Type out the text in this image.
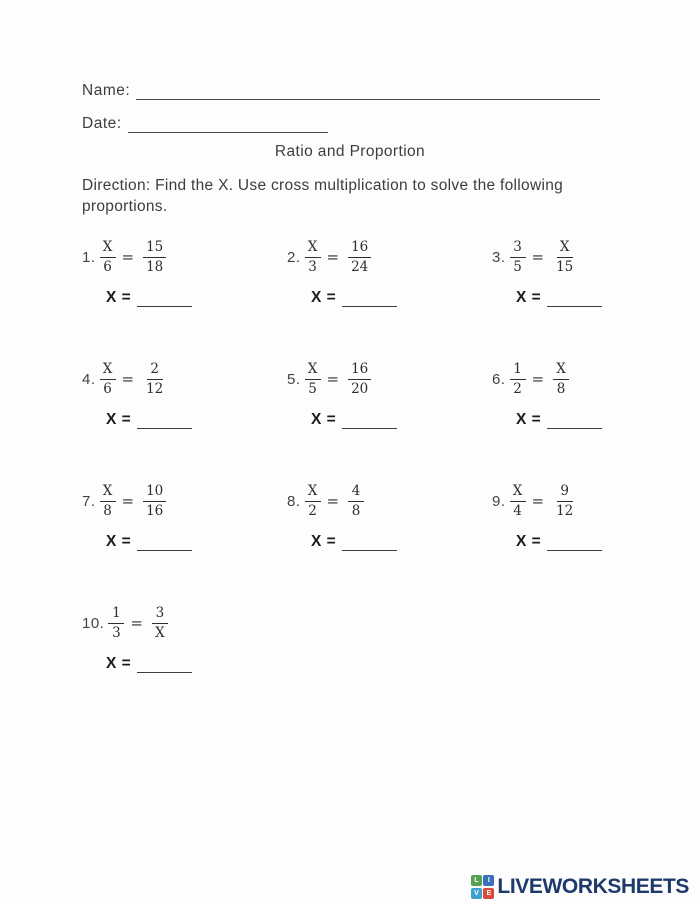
Name:
Date:
Ratio and Proportion
Direction: Find the X. Use cross multiplication to solve the following proportions.
1. $\frac{X}{6} = \frac{15}{18}$
X =
2. $\frac{X}{3} = \frac{16}{24}$
X =
3. $\frac{3}{5} = \frac{X}{15}$
X =
4. $\frac{X}{6} = \frac{2}{12}$
X =
5. $\frac{X}{5} = \frac{16}{20}$
X =
6. $\frac{1}{2} = \frac{X}{8}$
X =
7. $\frac{X}{8} = \frac{10}{16}$
X =
8. $\frac{X}{2} = \frac{4}{8}$
X =
9. $\frac{X}{4} = \frac{9}{12}$
X =
10. $\frac{1}{3} = \frac{3}{X}$
X =
L	I
V	E LIVEWORKSHEETS
